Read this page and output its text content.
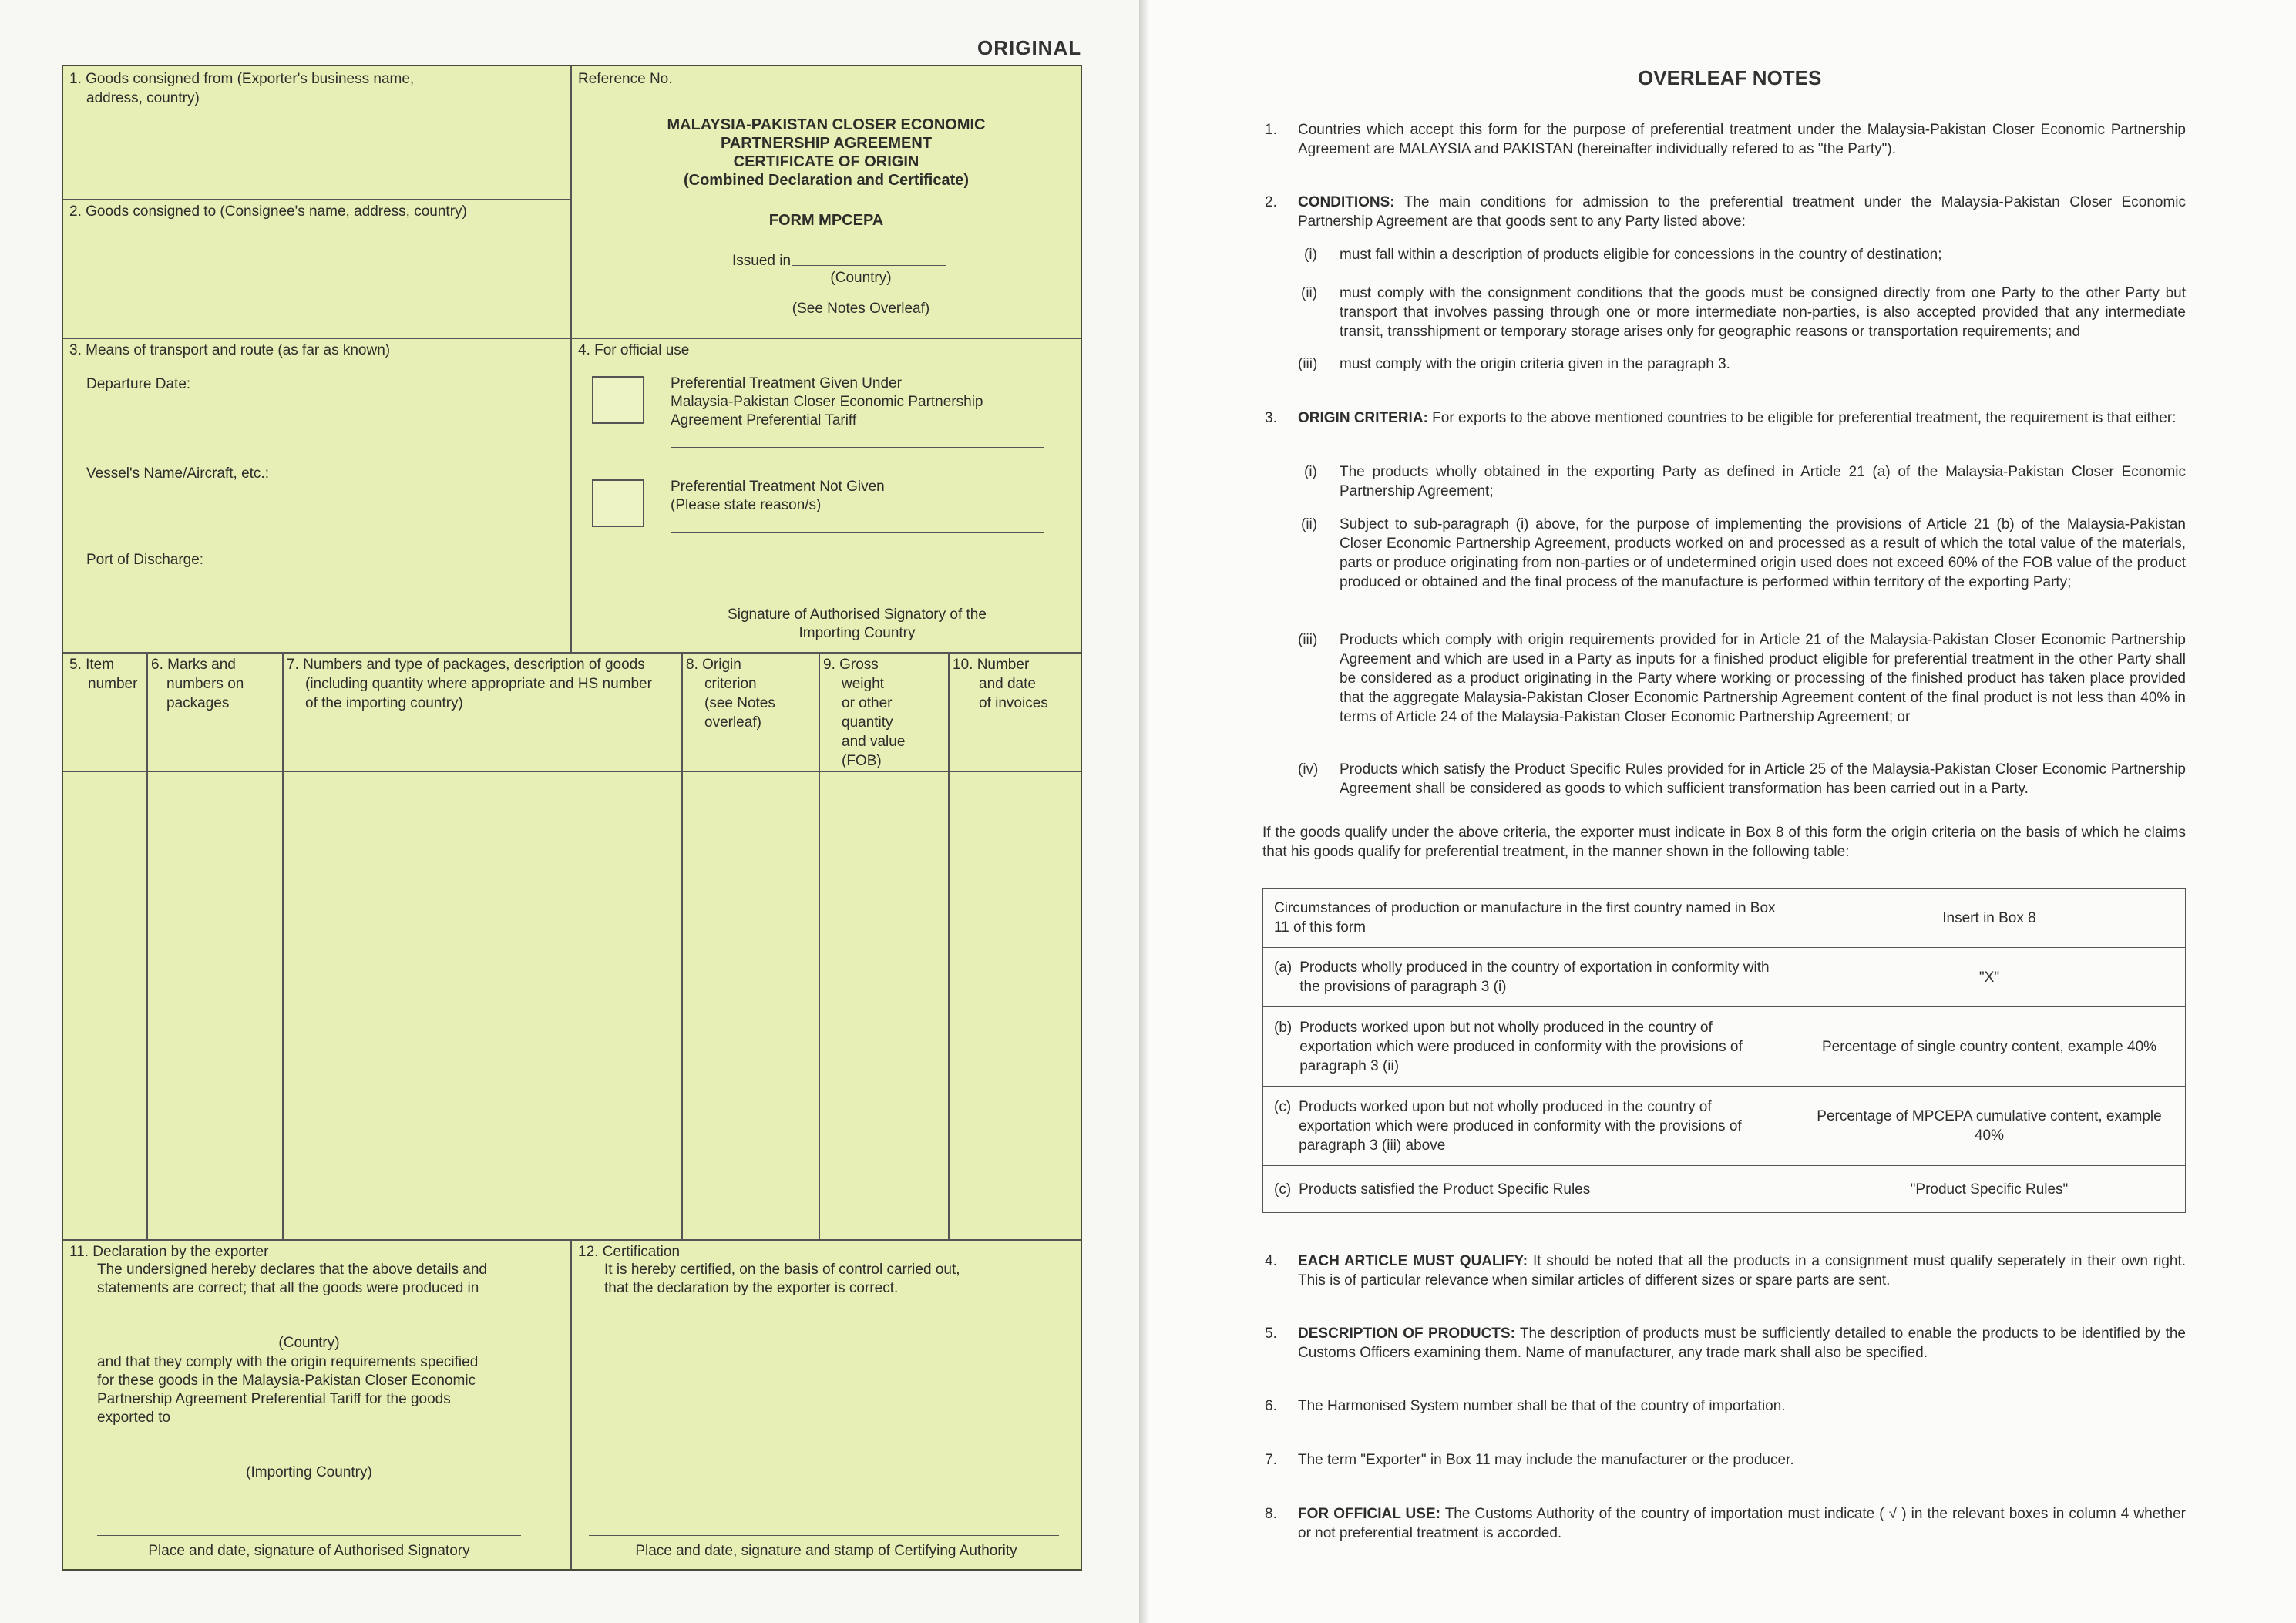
ORIGINAL
1. Goods consigned from (Exporter's business name,
address, country)
Reference No.
MALAYSIA-PAKISTAN CLOSER ECONOMIC
PARTNERSHIP AGREEMENT
CERTIFICATE OF ORIGIN
(Combined Declaration and Certificate)
FORM MPCEPA
Issued in
(Country)
(See Notes Overleaf)
2. Goods consigned to (Consignee's name, address, country)
3. Means of transport and route (as far as known)
Departure Date:
Vessel's Name/Aircraft, etc.:
Port of Discharge:
4. For official use
Preferential Treatment Given Under
Malaysia-Pakistan Closer Economic Partnership
Agreement Preferential Tariff
Preferential Treatment Not Given
(Please state reason/s)
Signature of Authorised Signatory of the
Importing Country
5. Item
number
6. Marks and
numbers on
packages
7. Numbers and type of packages, description of goods
(including quantity where appropriate and HS number
of the importing country)
8. Origin
criterion
(see Notes
overleaf)
9. Gross
weight
or other
quantity
and value
(FOB)
10. Number
and date
of invoices
11. Declaration by the exporter
The undersigned hereby declares that the above details and
statements are correct; that all the goods were produced in
(Country)
and that they comply with the origin requirements specified
for these goods in the Malaysia-Pakistan Closer Economic
Partnership Agreement Preferential Tariff for the goods
exported to
(Importing Country)
Place and date, signature of Authorised Signatory
12. Certification
It is hereby certified, on the basis of control carried out,
that the declaration by the exporter is correct.
Place and date, signature and stamp of Certifying Authority
OVERLEAF NOTES
1. Countries which accept this form for the purpose of preferential treatment under the Malaysia-Pakistan Closer Economic Partnership Agreement are MALAYSIA and PAKISTAN (hereinafter individually refered to as "the Party").
2. CONDITIONS: The main conditions for admission to the preferential treatment under the Malaysia-Pakistan Closer Economic Partnership Agreement are that goods sent to any Party listed above:
(i) must fall within a description of products eligible for concessions in the country of destination;
(ii) must comply with the consignment conditions that the goods must be consigned directly from one Party to the other Party but transport that involves passing through one or more intermediate non-parties, is also accepted provided that any intermediate transit, transshipment or temporary storage arises only for geographic reasons or transportation requirements; and
(iii) must comply with the origin criteria given in the paragraph 3.
3. ORIGIN CRITERIA: For exports to the above mentioned countries to be eligible for preferential treatment, the requirement is that either:
(i) The products wholly obtained in the exporting Party as defined in Article 21 (a) of the Malaysia-Pakistan Closer Economic Partnership Agreement;
(ii) Subject to sub-paragraph (i) above, for the purpose of implementing the provisions of Article 21 (b) of the Malaysia-Pakistan Closer Economic Partnership Agreement, products worked on and processed as a result of which the total value of the materials, parts or produce originating from non-parties or of undetermined origin used does not exceed 60% of the FOB value of the product produced or obtained and the final process of the manufacture is performed within territory of the exporting Party;
(iii) Products which comply with origin requirements provided for in Article 21 of the Malaysia-Pakistan Closer Economic Partnership Agreement and which are used in a Party as inputs for a finished product eligible for preferential treatment in the other Party shall be considered as a product originating in the Party where working or processing of the finished product has taken place provided that the aggregate Malaysia-Pakistan Closer Economic Partnership Agreement content of the final product is not less than 40% in terms of Article 24 of the Malaysia-Pakistan Closer Economic Partnership Agreement; or
(iv) Products which satisfy the Product Specific Rules provided for in Article 25 of the Malaysia-Pakistan Closer Economic Partnership Agreement shall be considered as goods to which sufficient transformation has been carried out in a Party.
If the goods qualify under the above criteria, the exporter must indicate in Box 8 of this form the origin criteria on the basis of which he claims that his goods qualify for preferential treatment, in the manner shown in the following table:
Circumstances of production or manufacture in the first country named in Box 11 of this form	Insert in Box 8

(a) Products wholly produced in the country of exportation in conformity with the provisions of paragraph 3 (i)	"X"

(b) Products worked upon but not wholly produced in the country of exportation which were produced in conformity with the provisions of paragraph 3 (ii)	Percentage of single country content, example 40%

(c) Products worked upon but not wholly produced in the country of exportation which were produced in conformity with the provisions of paragraph 3 (iii) above	Percentage of MPCEPA cumulative content, example 40%

(c) Products satisfied the Product Specific Rules	"Product Specific Rules"
4. EACH ARTICLE MUST QUALIFY: It should be noted that all the products in a consignment must qualify seperately in their own right. This is of particular relevance when similar articles of different sizes or spare parts are sent.
5. DESCRIPTION OF PRODUCTS: The description of products must be sufficiently detailed to enable the products to be identified by the Customs Officers examining them. Name of manufacturer, any trade mark shall also be specified.
6. The Harmonised System number shall be that of the country of importation.
7. The term "Exporter" in Box 11 may include the manufacturer or the producer.
8. FOR OFFICIAL USE: The Customs Authority of the country of importation must indicate ( √ ) in the relevant boxes in column 4 whether or not preferential treatment is accorded.
